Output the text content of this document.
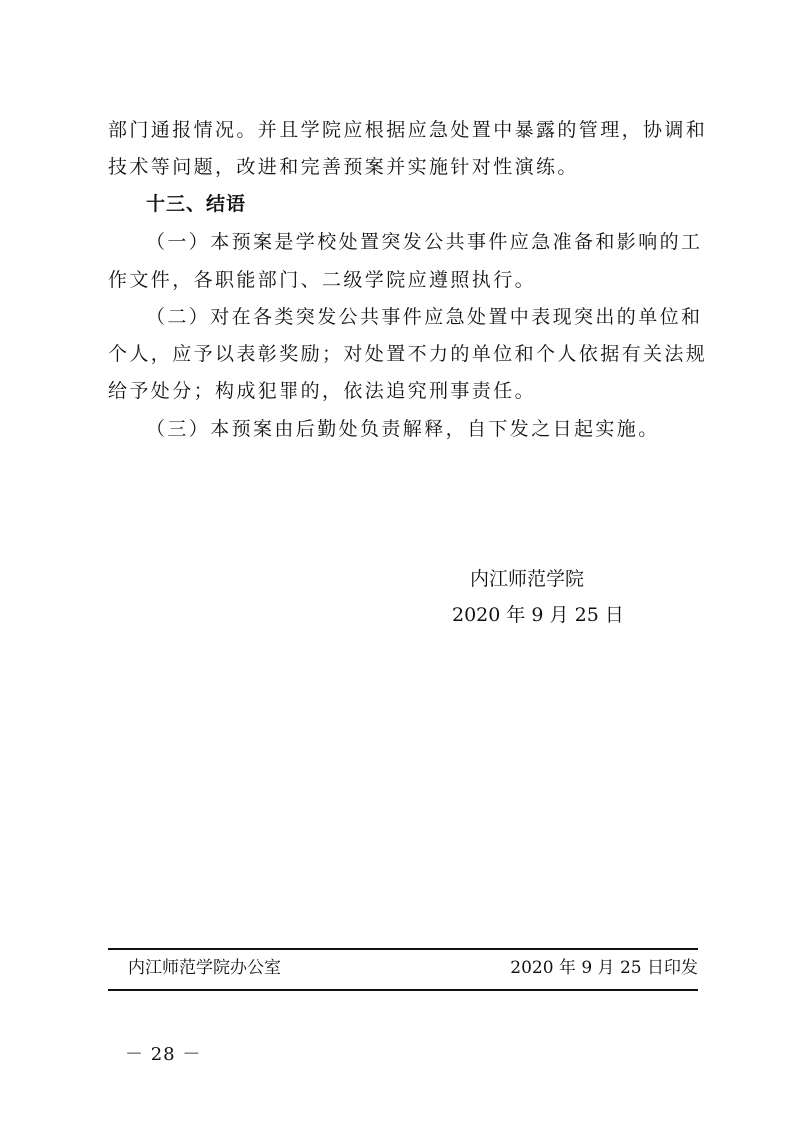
部门通报情况。并且学院应根据应急处置中暴露的管理，协调和
技术等问题，改进和完善预案并实施针对性演练。
十三、结语
（一）本预案是学校处置突发公共事件应急准备和影响的工
作文件，各职能部门、二级学院应遵照执行。
（二）对在各类突发公共事件应急处置中表现突出的单位和
个人，应予以表彰奖励；对处置不力的单位和个人依据有关法规
给予处分；构成犯罪的，依法追究刑事责任。
（三）本预案由后勤处负责解释，自下发之日起实施。
内江师范学院
2020 年 9 月 25 日
内江师范学院办公室	2020 年 9 月 25 日印发
－ 28 －
